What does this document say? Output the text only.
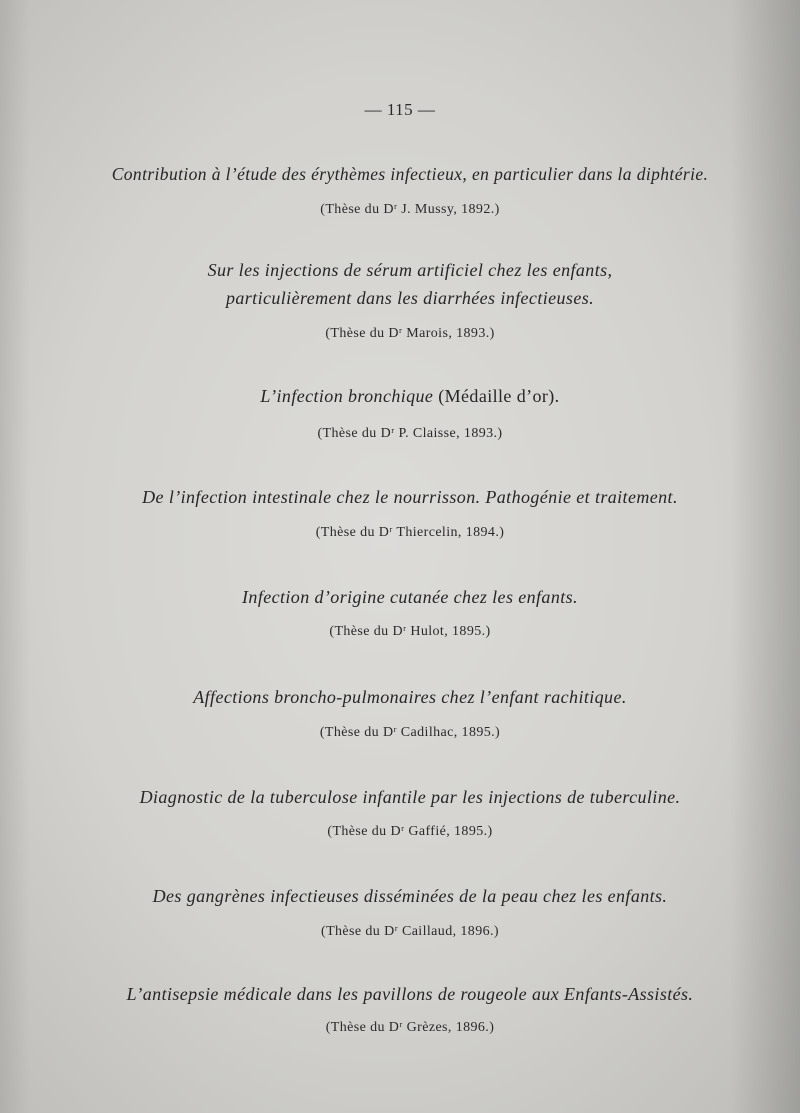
— 115 —
Contribution à l’étude des érythèmes infectieux, en particulier dans la diphtérie.
(Thèse du Dʳ J. Mussy, 1892.)
Sur les injections de sérum artificiel chez les enfants,
particulièrement dans les diarrhées infectieuses.
(Thèse du Dʳ Marois, 1893.)
L’infection bronchique (Médaille d’or).
(Thèse du Dʳ P. Claisse, 1893.)
De l’infection intestinale chez le nourrisson. Pathogénie et traitement.
(Thèse du Dʳ Thiercelin, 1894.)
Infection d’origine cutanée chez les enfants.
(Thèse du Dʳ Hulot, 1895.)
Affections broncho-pulmonaires chez l’enfant rachitique.
(Thèse du Dʳ Cadilhac, 1895.)
Diagnostic de la tuberculose infantile par les injections de tuberculine.
(Thèse du Dʳ Gaffié, 1895.)
Des gangrènes infectieuses disséminées de la peau chez les enfants.
(Thèse du Dʳ Caillaud, 1896.)
L’antisepsie médicale dans les pavillons de rougeole aux Enfants-Assistés.
(Thèse du Dʳ Grèzes, 1896.)
